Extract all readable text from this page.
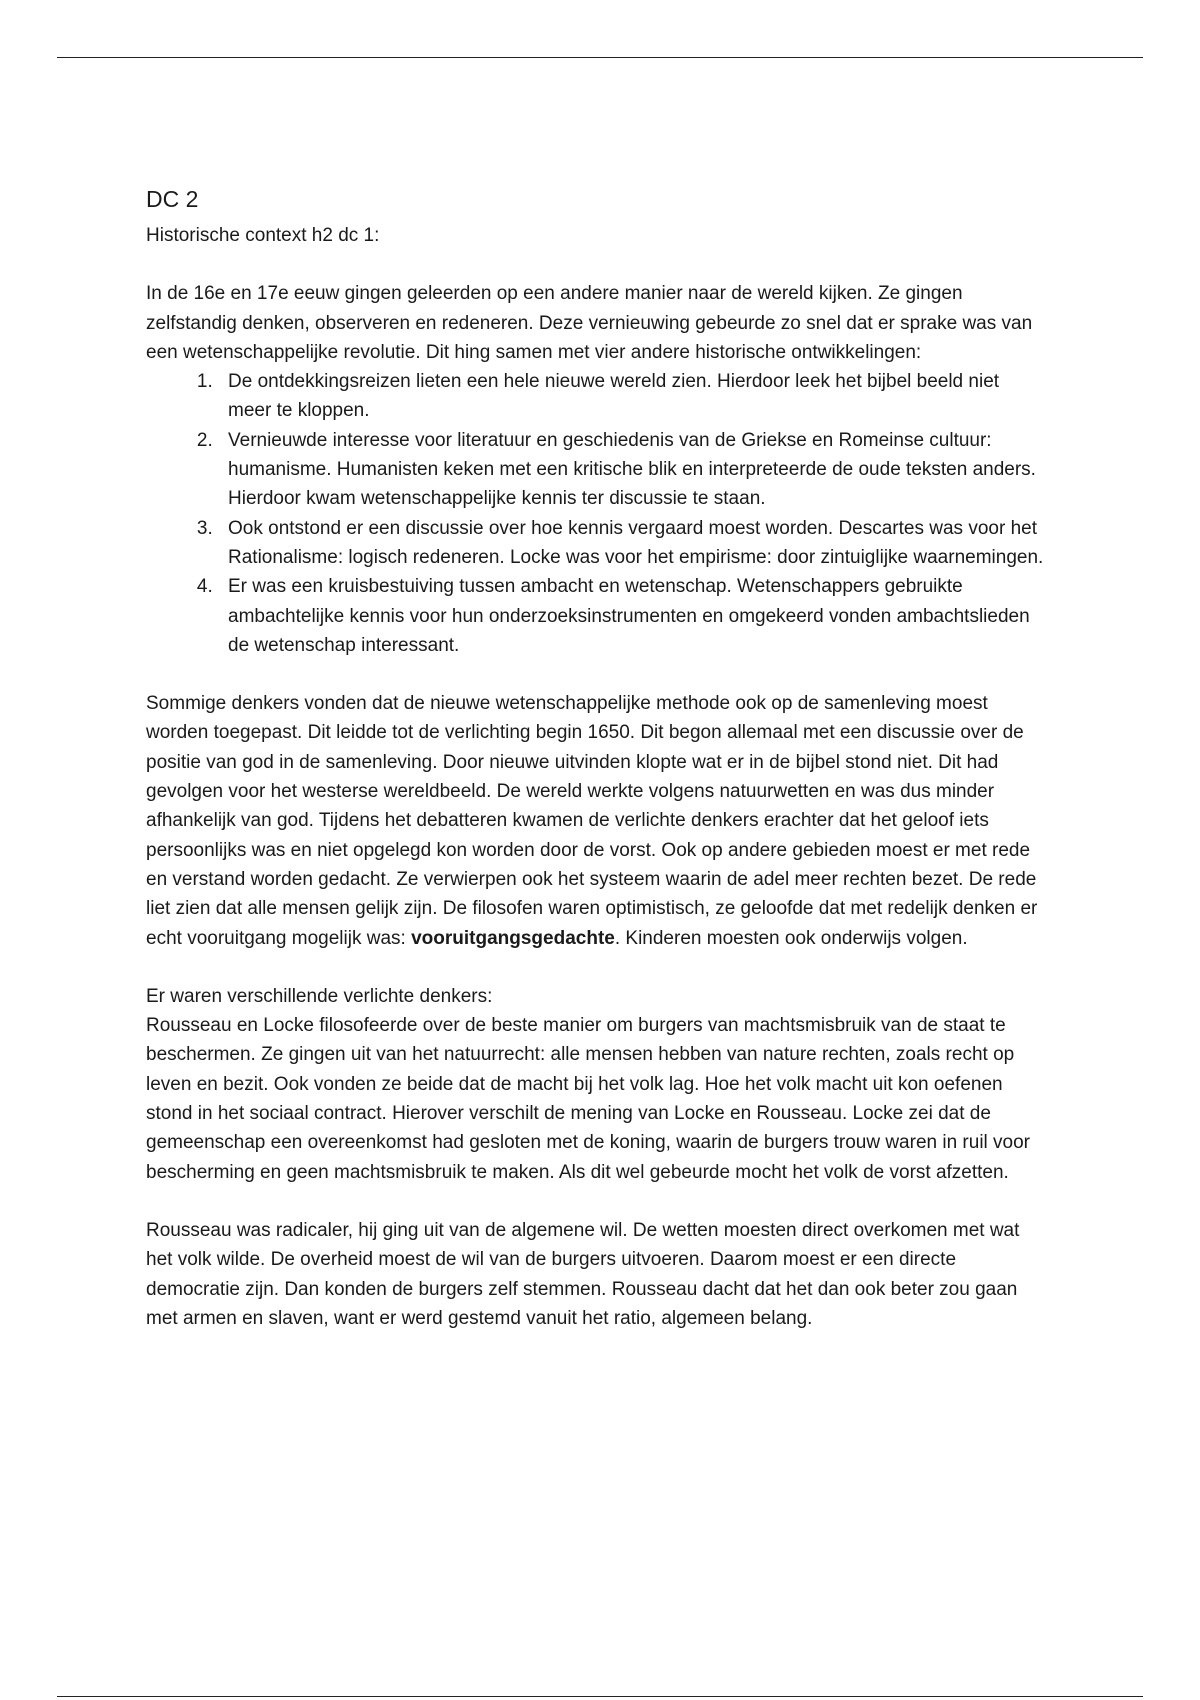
DC 2

Historische context h2 dc 1:

In de 16e en 17e eeuw gingen geleerden op een andere manier naar de wereld kijken. Ze gingen zelfstandig denken, observeren en redeneren. Deze vernieuwing gebeurde zo snel dat er sprake was van een wetenschappelijke revolutie. Dit hing samen met vier andere historische ontwikkelingen:

1. De ontdekkingsreizen lieten een hele nieuwe wereld zien. Hierdoor leek het bijbel beeld niet meer te kloppen.
2. Vernieuwde interesse voor literatuur en geschiedenis van de Griekse en Romeinse cultuur: humanisme. Humanisten keken met een kritische blik en interpreteerde de oude teksten anders. Hierdoor kwam wetenschappelijke kennis ter discussie te staan.
3. Ook ontstond er een discussie over hoe kennis vergaard moest worden. Descartes was voor het Rationalisme: logisch redeneren. Locke was voor het empirisme: door zintuiglijke waarnemingen.
4. Er was een kruisbestuiving tussen ambacht en wetenschap. Wetenschappers gebruikte ambachtelijke kennis voor hun onderzoeksinstrumenten en omgekeerd vonden ambachtslieden de wetenschap interessant.

Sommige denkers vonden dat de nieuwe wetenschappelijke methode ook op de samenleving moest worden toegepast. Dit leidde tot de verlichting begin 1650. Dit begon allemaal met een discussie over de positie van god in de samenleving. Door nieuwe uitvinden klopte wat er in de bijbel stond niet. Dit had gevolgen voor het westerse wereldbeeld. De wereld werkte volgens natuurwetten en was dus minder afhankelijk van god. Tijdens het debatteren kwamen de verlichte denkers erachter dat het geloof iets persoonlijks was en niet opgelegd kon worden door de vorst. Ook op andere gebieden moest er met rede en verstand worden gedacht. Ze verwierpen ook het systeem waarin de adel meer rechten bezet. De rede liet zien dat alle mensen gelijk zijn. De filosofen waren optimistisch, ze geloofde dat met redelijk denken er echt vooruitgang mogelijk was: vooruitgangsgedachte. Kinderen moesten ook onderwijs volgen.

Er waren verschillende verlichte denkers:

Rousseau en Locke filosofeerde over de beste manier om burgers van machtsmisbruik van de staat te beschermen. Ze gingen uit van het natuurrecht: alle mensen hebben van nature rechten, zoals recht op leven en bezit. Ook vonden ze beide dat de macht bij het volk lag. Hoe het volk macht uit kon oefenen stond in het sociaal contract. Hierover verschilt de mening van Locke en Rousseau. Locke zei dat de gemeenschap een overeenkomst had gesloten met de koning, waarin de burgers trouw waren in ruil voor bescherming en geen machtsmisbruik te maken. Als dit wel gebeurde mocht het volk de vorst afzetten.

Rousseau was radicaler, hij ging uit van de algemene wil. De wetten moesten direct overkomen met wat het volk wilde. De overheid moest de wil van de burgers uitvoeren. Daarom moest er een directe democratie zijn. Dan konden de burgers zelf stemmen. Rousseau dacht dat het dan ook beter zou gaan met armen en slaven, want er werd gestemd vanuit het ratio, algemeen belang.
